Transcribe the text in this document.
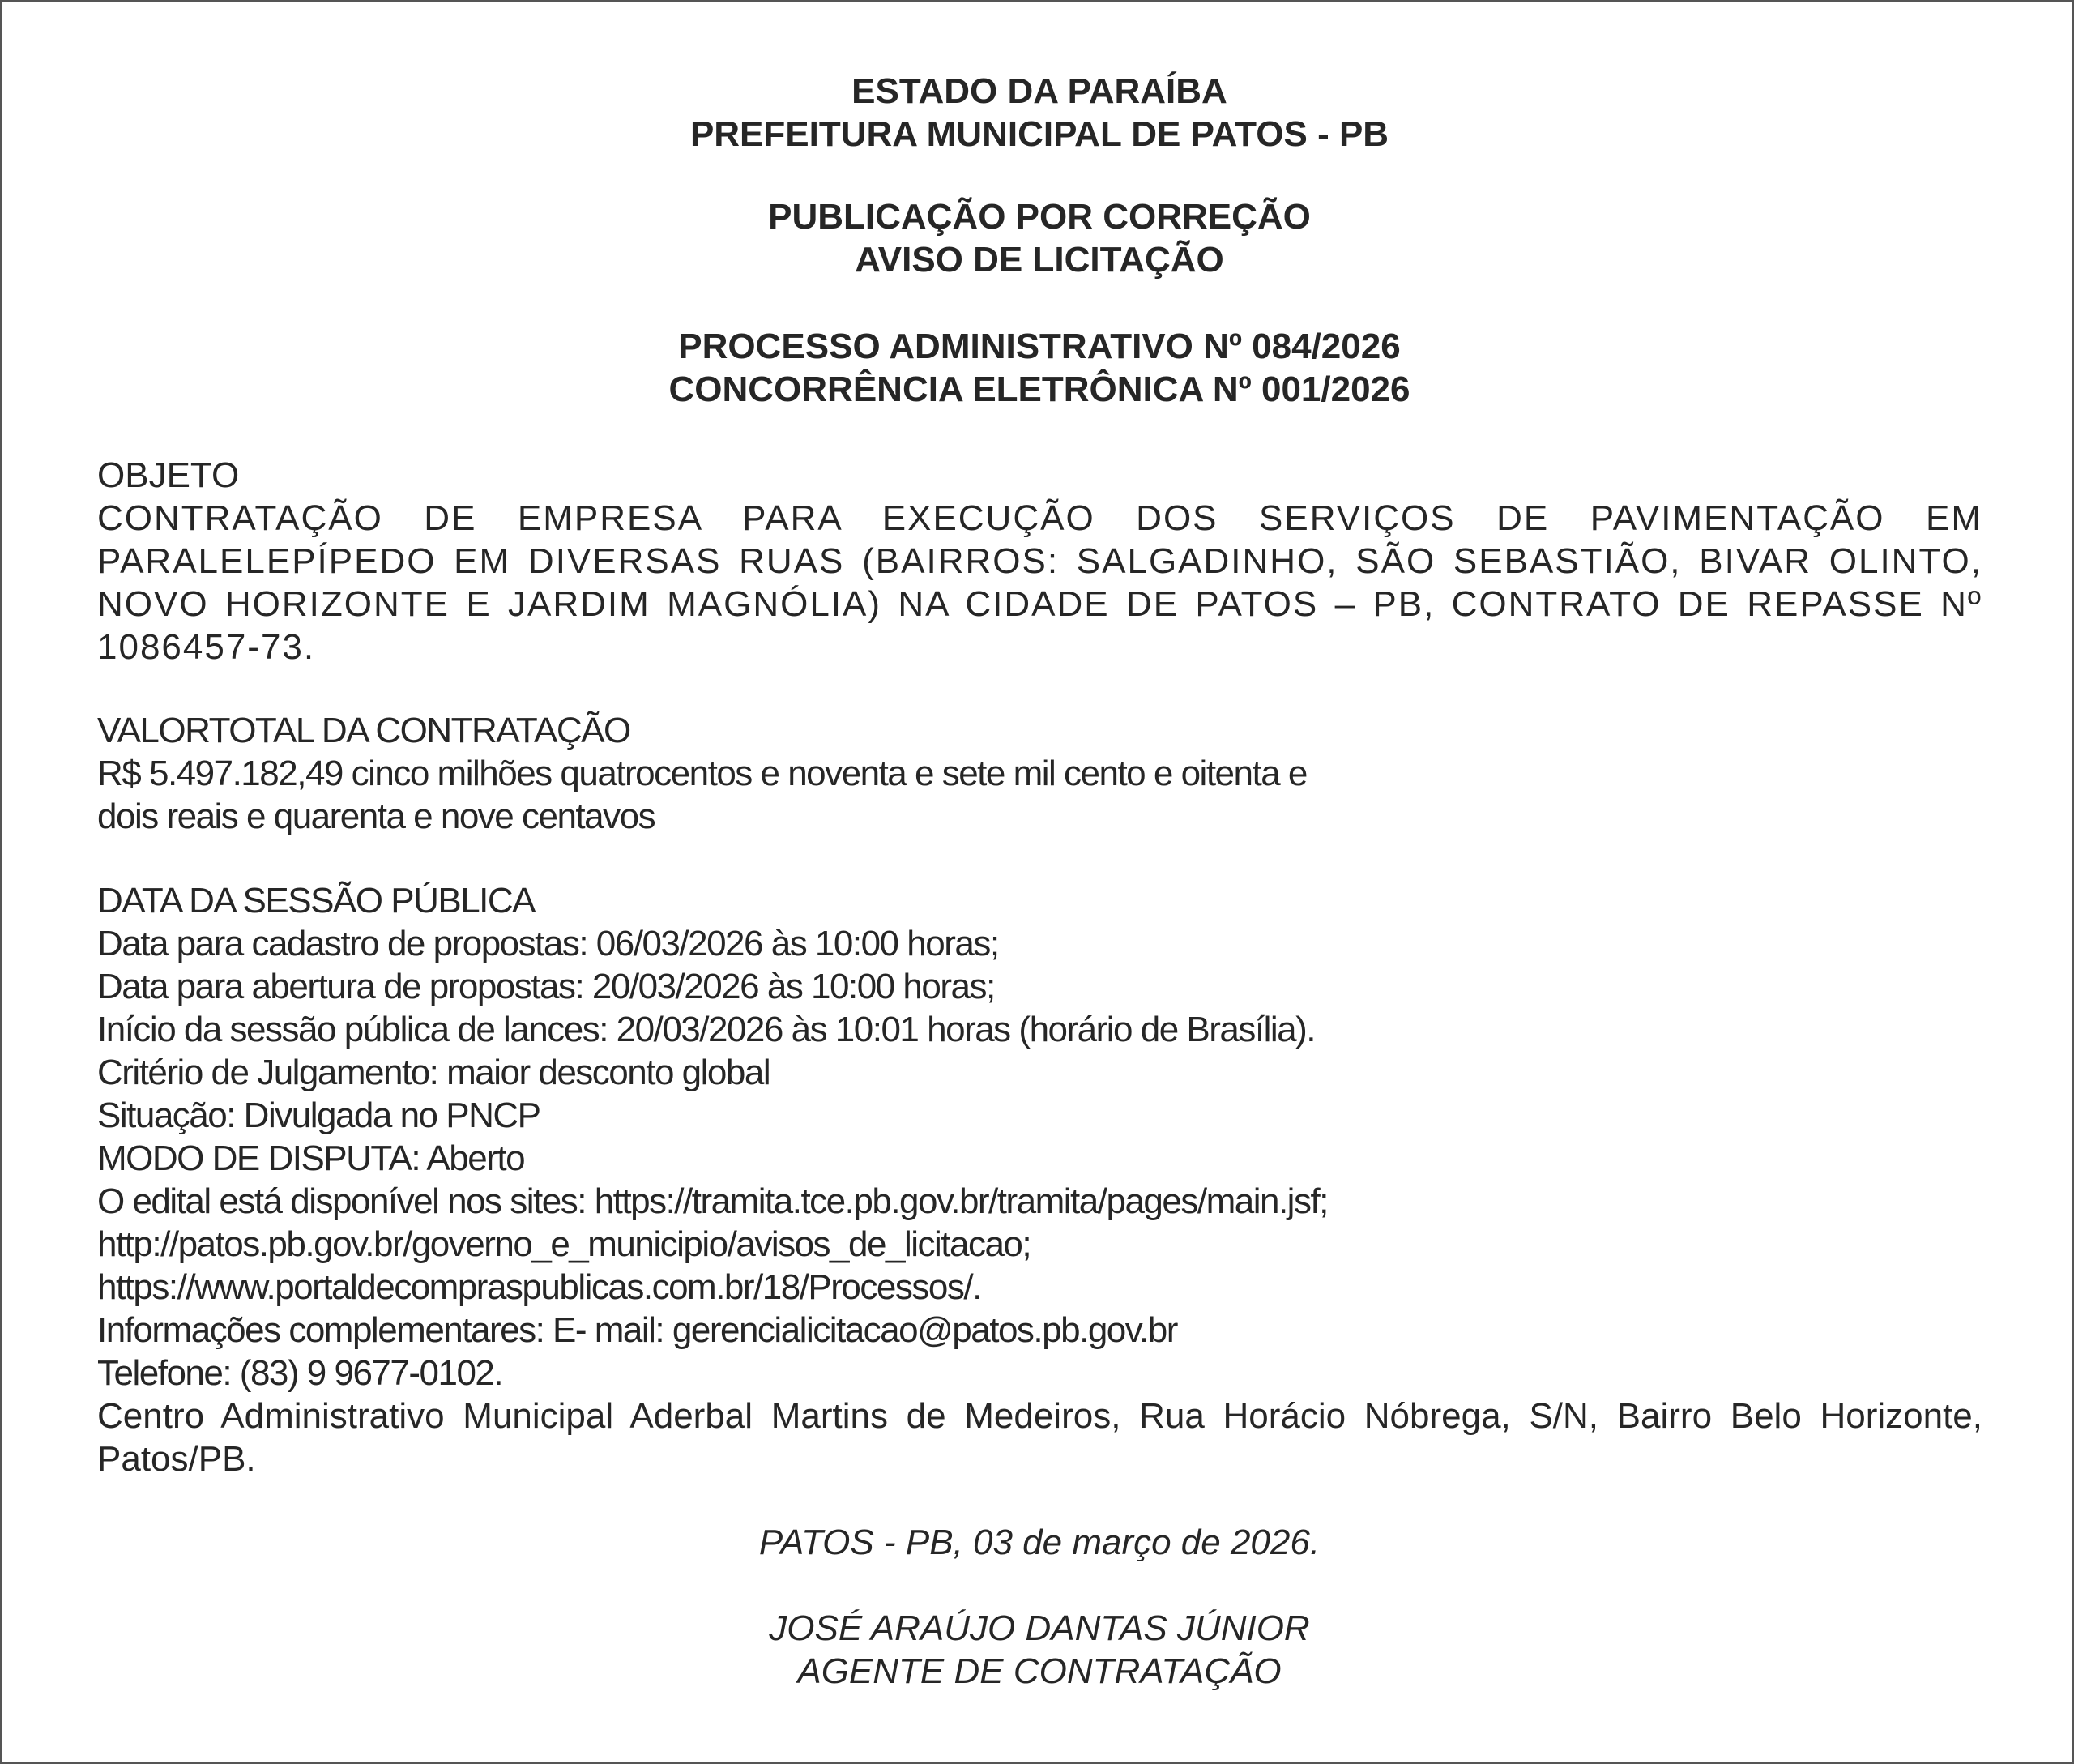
ESTADO DA PARAÍBA
PREFEITURA MUNICIPAL DE PATOS - PB
PUBLICAÇÃO POR CORREÇÃO
AVISO DE LICITAÇÃO
PROCESSO ADMINISTRATIVO Nº 084/2026
CONCORRÊNCIA ELETRÔNICA Nº 001/2026
OBJETO
CONTRATAÇÃO DE EMPRESA PARA EXECUÇÃO DOS SERVIÇOS DE PAVIMENTAÇÃO EM PARALELEPÍPEDO EM DIVERSAS RUAS (BAIRROS: SALGADINHO, SÃO SEBASTIÃO, BIVAR OLINTO, NOVO HORIZONTE E JARDIM MAGNÓLIA) NA CIDADE DE PATOS – PB, CONTRATO DE REPASSE Nº 1086457-73.
VALORTOTAL DA CONTRATAÇÃO
R$ 5.497.182,49 cinco milhões quatrocentos e noventa e sete mil cento e oitenta e
dois reais e quarenta e nove centavos
DATA DA SESSÃO PÚBLICA
Data para cadastro de propostas: 06/03/2026 às 10:00 horas;
Data para abertura de propostas: 20/03/2026 às 10:00 horas;
Início da sessão pública de lances: 20/03/2026 às 10:01 horas (horário de Brasília).
Critério de Julgamento: maior desconto global
Situação: Divulgada no PNCP
MODO DE DISPUTA: Aberto
O edital está disponível nos sites: https://tramita.tce.pb.gov.br/tramita/pages/main.jsf;
http://patos.pb.gov.br/governo_e_municipio/avisos_de_licitacao;
https://www.portaldecompraspublicas.com.br/18/Processos/.
Informações complementares: E- mail: gerencialicitacao@patos.pb.gov.br
Telefone: (83) 9 9677-0102.
Centro Administrativo Municipal Aderbal Martins de Medeiros, Rua Horácio Nóbrega, S/N, Bairro Belo Horizonte, Patos/PB.
PATOS - PB, 03 de março de 2026.
JOSÉ ARAÚJO DANTAS JÚNIOR
AGENTE DE CONTRATAÇÃO
